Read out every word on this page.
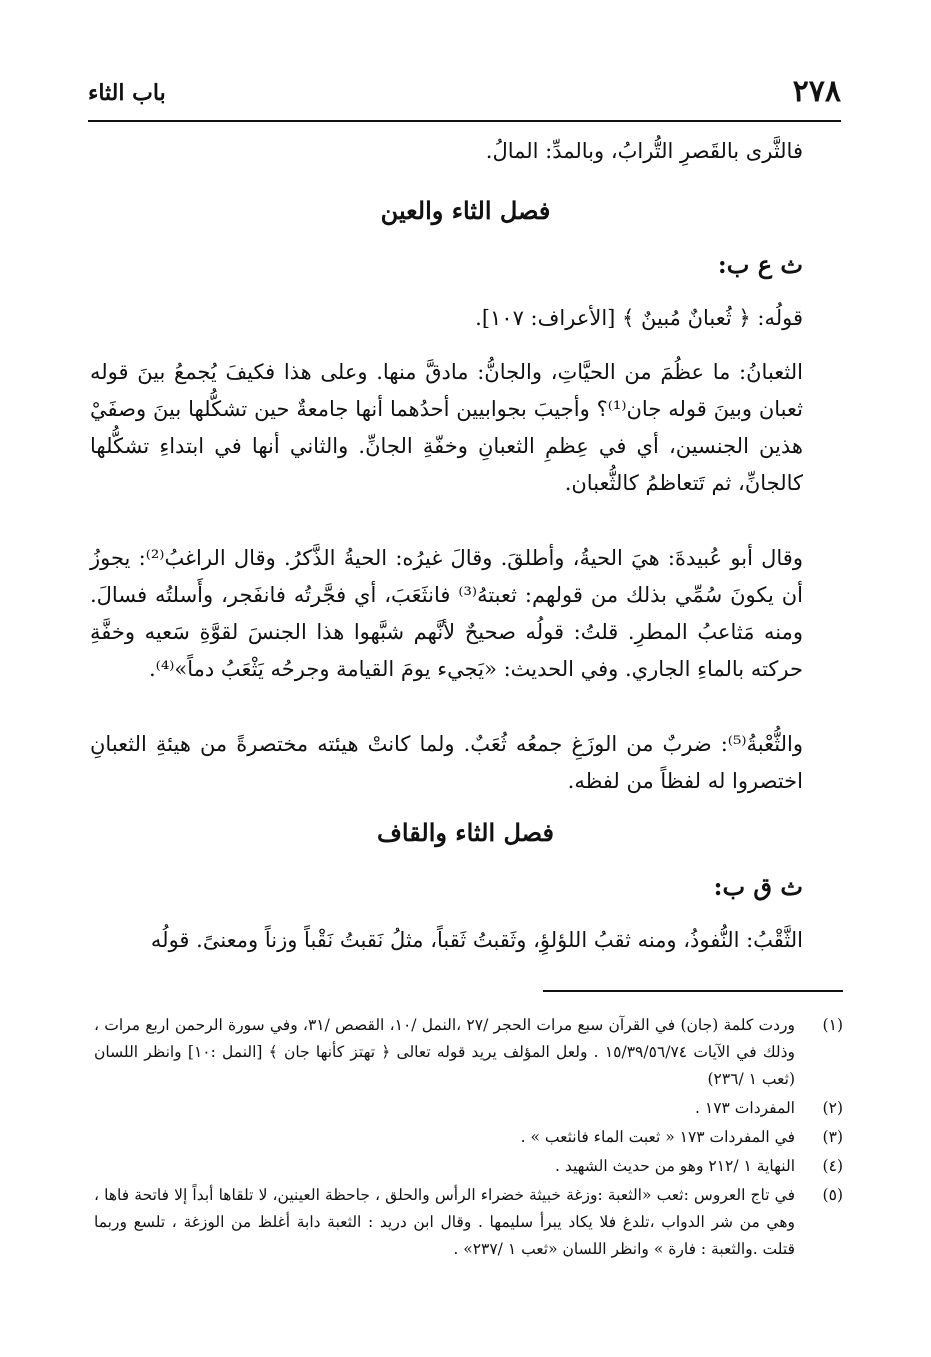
٢٧٨
باب الثاء
فالثَّرى بالقَصرِ التُّرابُ، وبالمدِّ: المالُ.
فصل الثاء والعين
ث ع ب:
قولُه: ﴿ ثُعبانٌ مُبينٌ ﴾ [الأعراف: ١٠٧].
الثعبانُ: ما عظُمَ من الحيَّاتِ، والجانُّ: مادقَّ منها. وعلى هذا فكيفَ يُجمعُ بينَ قوله ثعبان وبينَ قوله جان⁽¹⁾؟ وأجيبَ بجوابيين أحدُهما أنها جامعةٌ حين تشكُّلها بينَ وصفَيْ هذين الجنسين، أي في عِظمِ الثعبانِ وخفّةِ الجانِّ. والثاني أنها في ابتداءِ تشكُّلها كالجانِّ، ثم تَتعاظمُ كالثُّعبان.
وقال أبو عُبيدةَ: هيَ الحيةُ، وأطلقَ. وقالَ غيرُه: الحيةُ الذَّكرُ. وقال الراغبُ⁽²⁾: يجوزُ أن يكونَ سُمِّي بذلك من قولهم: ثعبتهُ⁽³⁾ فانثَعَبَ، أي فجَّرتُه فانفَجر، وأَسلتُه فسالَ. ومنه مَثاعبُ المطرِ. قلتُ: قولُه صحيحٌ لأنَّهم شبَّهوا هذا الجنسَ لقوَّةِ سَعيه وخفَّةِ حركته بالماءِ الجاري. وفي الحديث: «يَجيء يومَ القيامة وجرحُه يَثْعَبُ دماً»⁽⁴⁾.
والثُّعْبةُ⁽⁵⁾: ضربٌ من الوزَغِ جمعُه ثُعَبٌ. ولما كانتْ هيئته مختصرةً من هيئةِ الثعبانِ اختصروا له لفظاً من لفظه.
فصل الثاء والقاف
ث ق ب:
الثَّقْبُ: النُّفوذُ، ومنه ثقبُ اللؤلؤِ، وثَقبتُ ثَقباً، مثلُ نَقبتُ نَقْباً وزناً ومعنىً. قولُه
(١)
وردت كلمة (جان) في القرآن سبع مرات الحجر /٢٧ ،النمل /١٠، القصص /٣١، وفي سورة الرحمن اربع مرات ، وذلك في الآيات ١٥/٣٩/٥٦/٧٤ . ولعل المؤلف يريد قوله تعالى ﴿ تهتز كأنها جان ﴾ [النمل :١٠] وانظر اللسان (ثعب ١ /٢٣٦)
(٢)
المفردات ١٧٣ .
(٣)
في المفردات ١٧٣ « ثعبت الماء فانثعب » .
(٤)
النهاية ١ /٢١٢ وهو من حديث الشهيد .
(٥)
في تاج العروس :ثعب «الثعبة :وزغة خبيثة خضراء الرأس والحلق ، جاحظة العينين، لا تلقاها أبداً إلا فاتحة فاها ، وهي من شر الدواب ،تلدغ فلا يكاد يبرأ سليمها . وقال ابن دريد : الثعبة دابة أغلظ من الوزغة ، تلسع وربما قتلت .والثعبة : فارة » وانظر اللسان «ثعب ١ /٢٣٧» .
